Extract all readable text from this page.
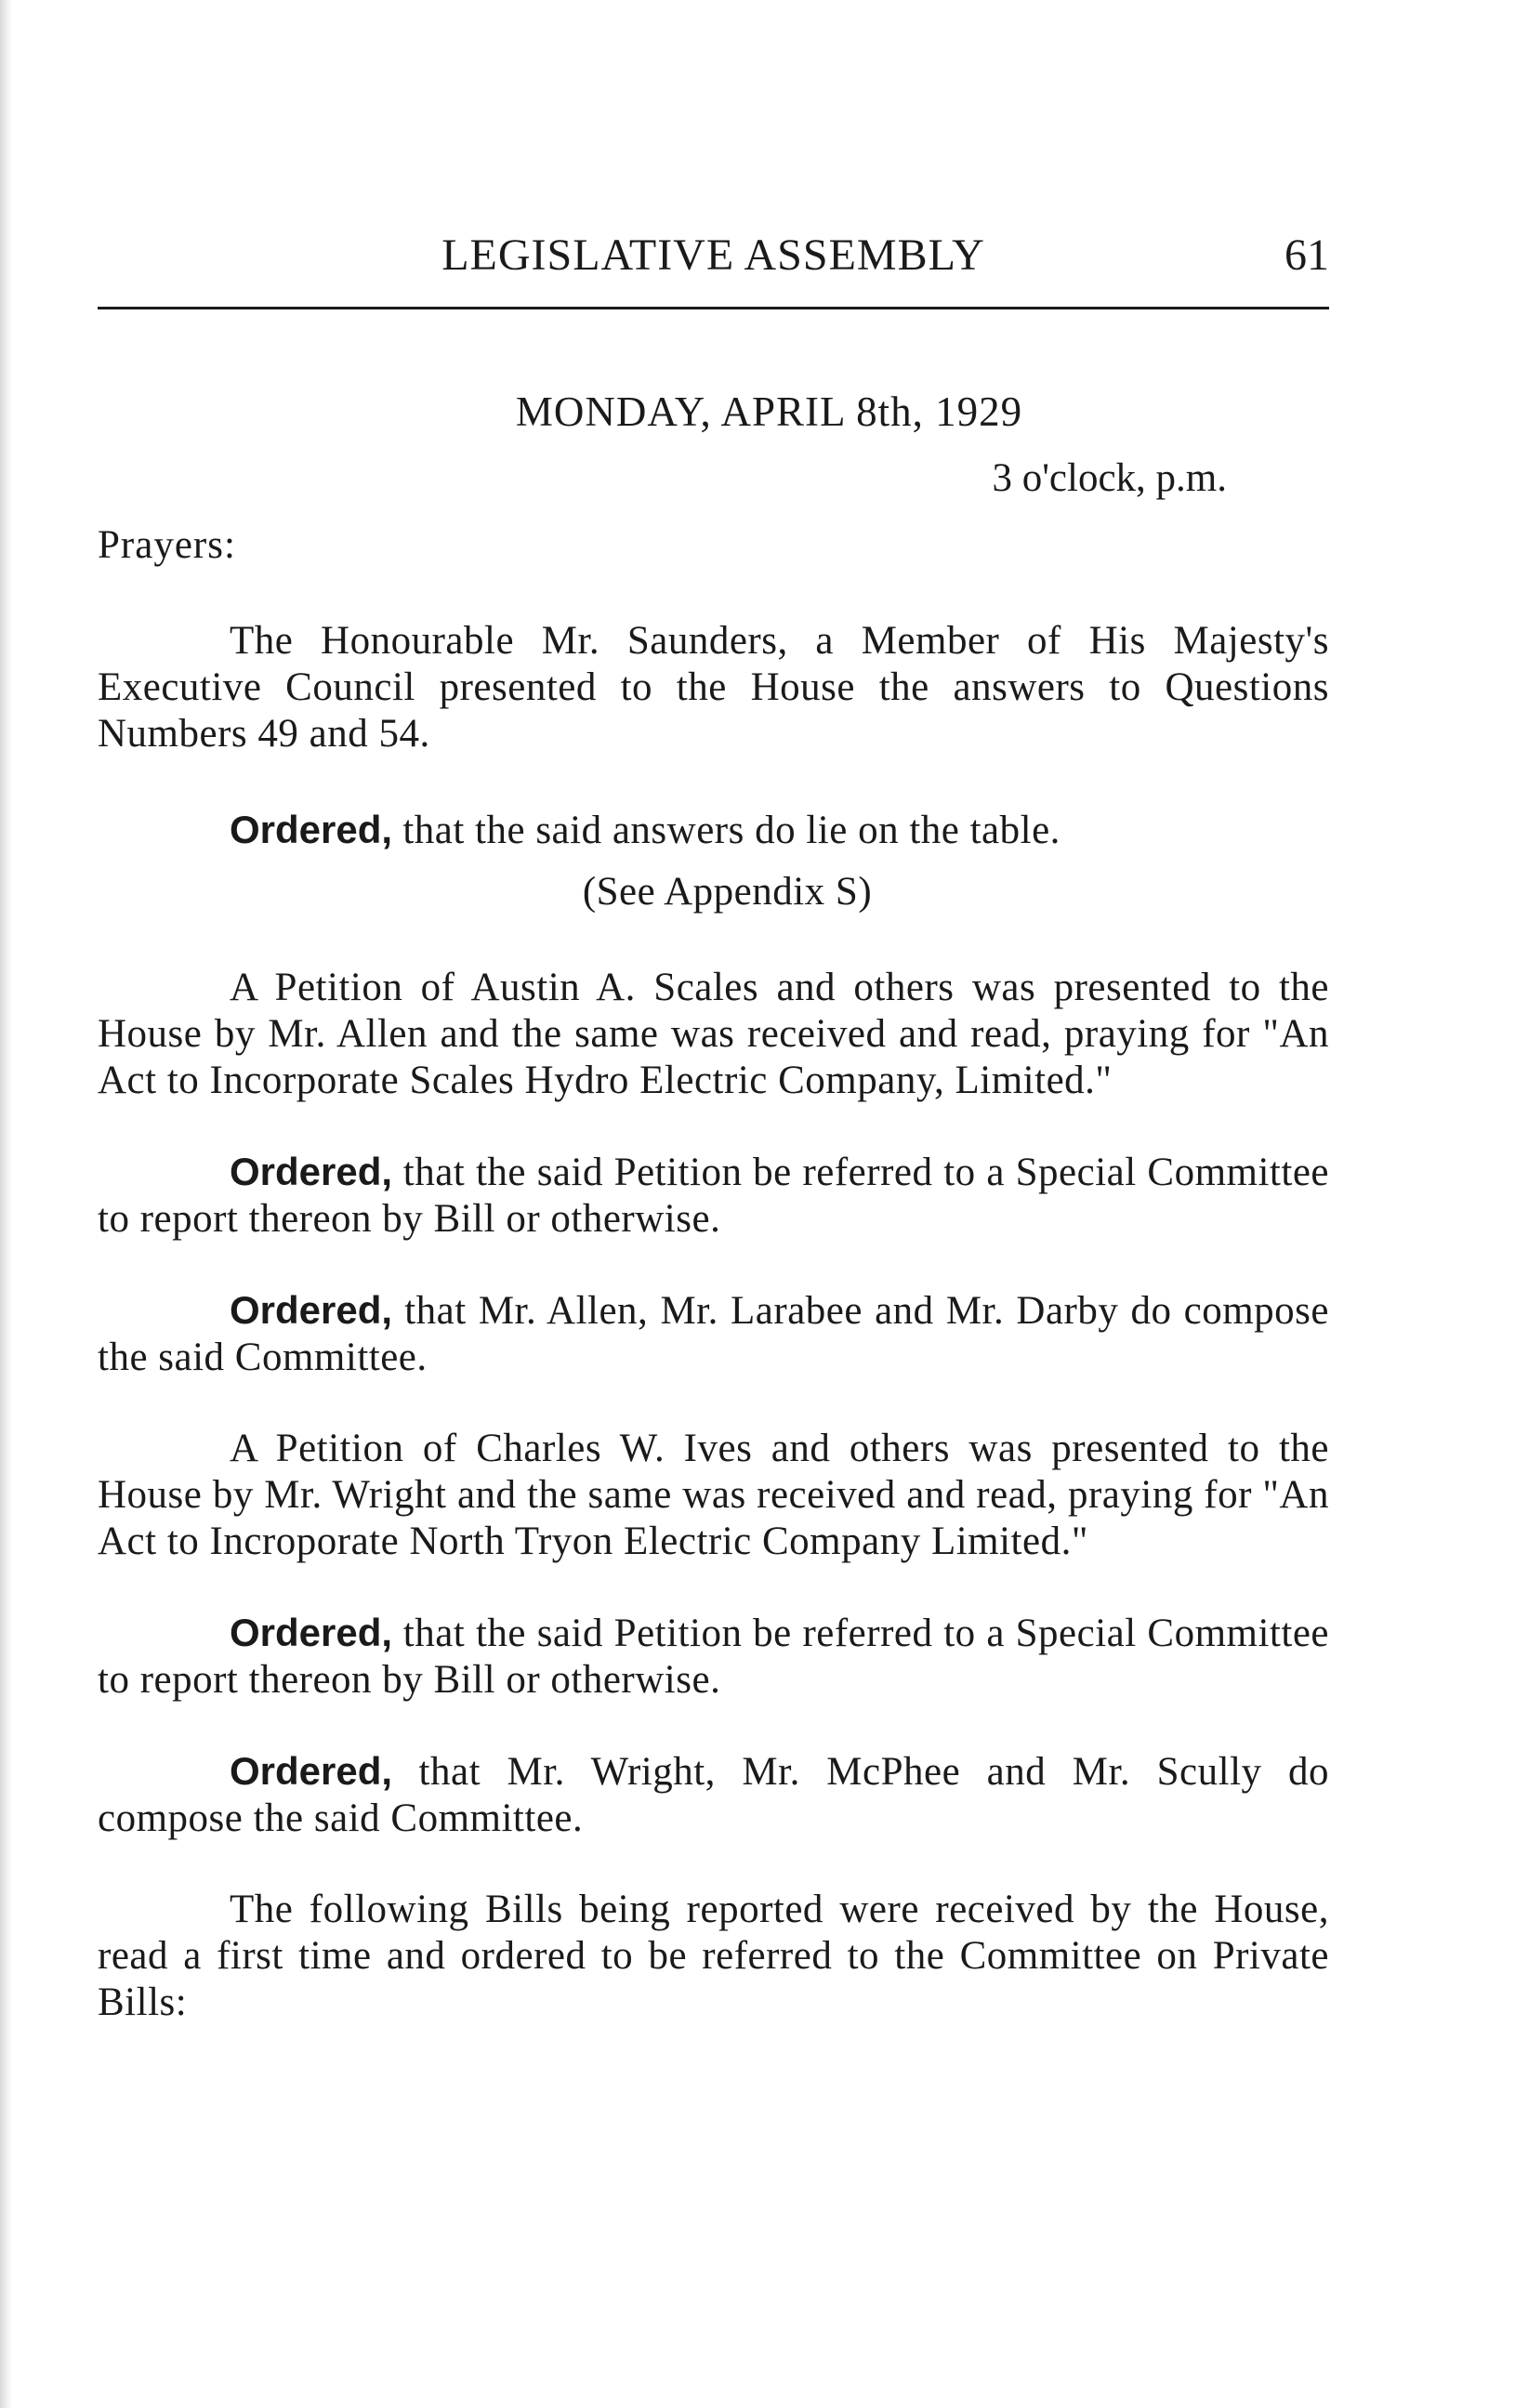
LEGISLATIVE ASSEMBLY	61
MONDAY, APRIL 8th, 1929
3 o'clock, p.m.
Prayers:

The Honourable Mr. Saunders, a Member of His Majesty's Executive Council presented to the House the answers to Questions Numbers 49 and 54.

Ordered, that the said answers do lie on the table.

(See Appendix S)

A Petition of Austin A. Scales and others was presented to the House by Mr. Allen and the same was received and read, praying for "An Act to Incorporate Scales Hydro Electric Company, Limited."

Ordered, that the said Petition be referred to a Special Committee to report thereon by Bill or otherwise.

Ordered, that Mr. Allen, Mr. Larabee and Mr. Darby do compose the said Committee.

A Petition of Charles W. Ives and others was presented to the House by Mr. Wright and the same was received and read, praying for "An Act to Incroporate North Tryon Electric Company Limited."

Ordered, that the said Petition be referred to a Special Committee to report thereon by Bill or otherwise.

Ordered, that Mr. Wright, Mr. McPhee and Mr. Scully do compose the said Committee.

The following Bills being reported were received by the House, read a first time and ordered to be referred to the Committee on Private Bills:
